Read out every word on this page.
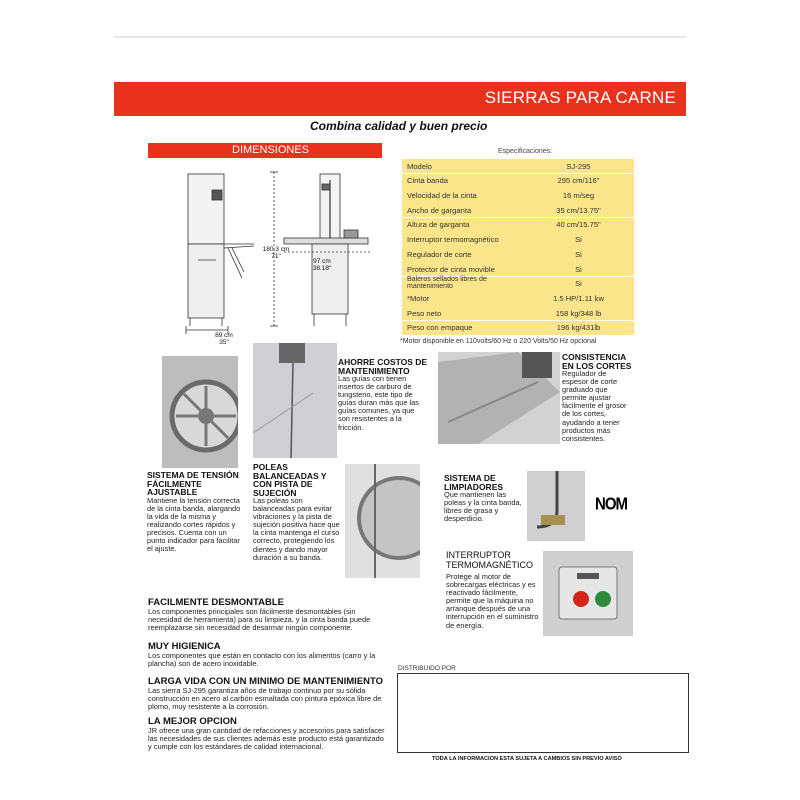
SIERRAS PARA CARNE
Combina calidad y buen precio
DIMENSIONES
180.3 cm
71"
97 cm
38.18"
89 cm
35"
Especificaciones:
Modelo	SJ-295
Cinta banda	295 cm/116"
Velocidad de la cinta	16 m/seg
Ancho de garganta	35 cm/13.75"
Altura de garganta	40 cm/15.75"
Interruptor termomagnético	Si
Regulador de corte	Si
Protector de cinta movible	Si
Baleros sellados libres de mantenimiento	Si
*Motor	1.5 HP/1.11 kw
Peso neto	158 kg/348 lb
Peso con empaque	196 kg/431lb
*Motor disponible en 110volts/60 Hz o 220 Volts/50 Hz opcional
NOM
AHORRE COSTOS DE MANTENIMIENTO
Las guías con tienen insertos de carburo de tungsteno, este tipo de guías duran más que las guías comunes, ya que son resistentes a la fricción.
CONSISTENCIA EN LOS CORTES
Regulador de espesor de corte graduado que permite ajustar fácilmente el grosor de los cortes, ayudando a tener productos más consistentes.
SISTEMA DE TENSIÓN FÁCILMENTE AJUSTABLE
Mantiene la tensión correcta de la cinta banda, alargando la vida de la misma y realizando cortes rápidos y precisos. Cuenta con un punto indicador para facilitar el ajuste.
POLEAS BALANCEADAS Y CON PISTA DE SUJECIÓN
Las poleas son balanceadas para evitar vibraciones y la pista de sujeción positiva hace que la cinta mantenga el curso correcto, protegiendo los dientes y dando mayor duración a su banda.
SISTEMA DE LIMPIADORES
Que mantienen las poleas y la cinta banda, libres de grasa y desperdicio.
INTERRUPTOR TERMOMAGNÉTICO
Protege al motor de sobrecargas eléctricas y es reactivado fácilmente, permite que la máquina no arranque después de una interrupción en el suministro de energía.
FACILMENTE DESMONTABLE
Los componentes principales son fácilmente desmontables (sin necesidad de herramienta) para su limpieza, y la cinta banda puede reemplazarse sin necesidad de desarmar ningún componente.
MUY HIGIENICA
Los componentes que están en contacto con los alimentos (carro y la plancha) son de acero inoxidable.
LARGA VIDA CON UN MINIMO DE MANTENIMIENTO
Las sierra SJ-295 garantiza años de trabajo continuo por su sólida construcción en acero al carbón esmaltada con pintura epóxica libre de plomo, muy resistente a la corrosión.
LA MEJOR OPCION
JR ofrece una gran cantidad de refacciones y accesorios para satisfacer las necesidades de sus clientes además este producto está garantizado y cumple con los estándares de calidad internacional.
DISTRIBUIDO POR
TODA LA INFORMACION ESTA SUJETA A CAMBIOS SIN PREVIO AVISO
